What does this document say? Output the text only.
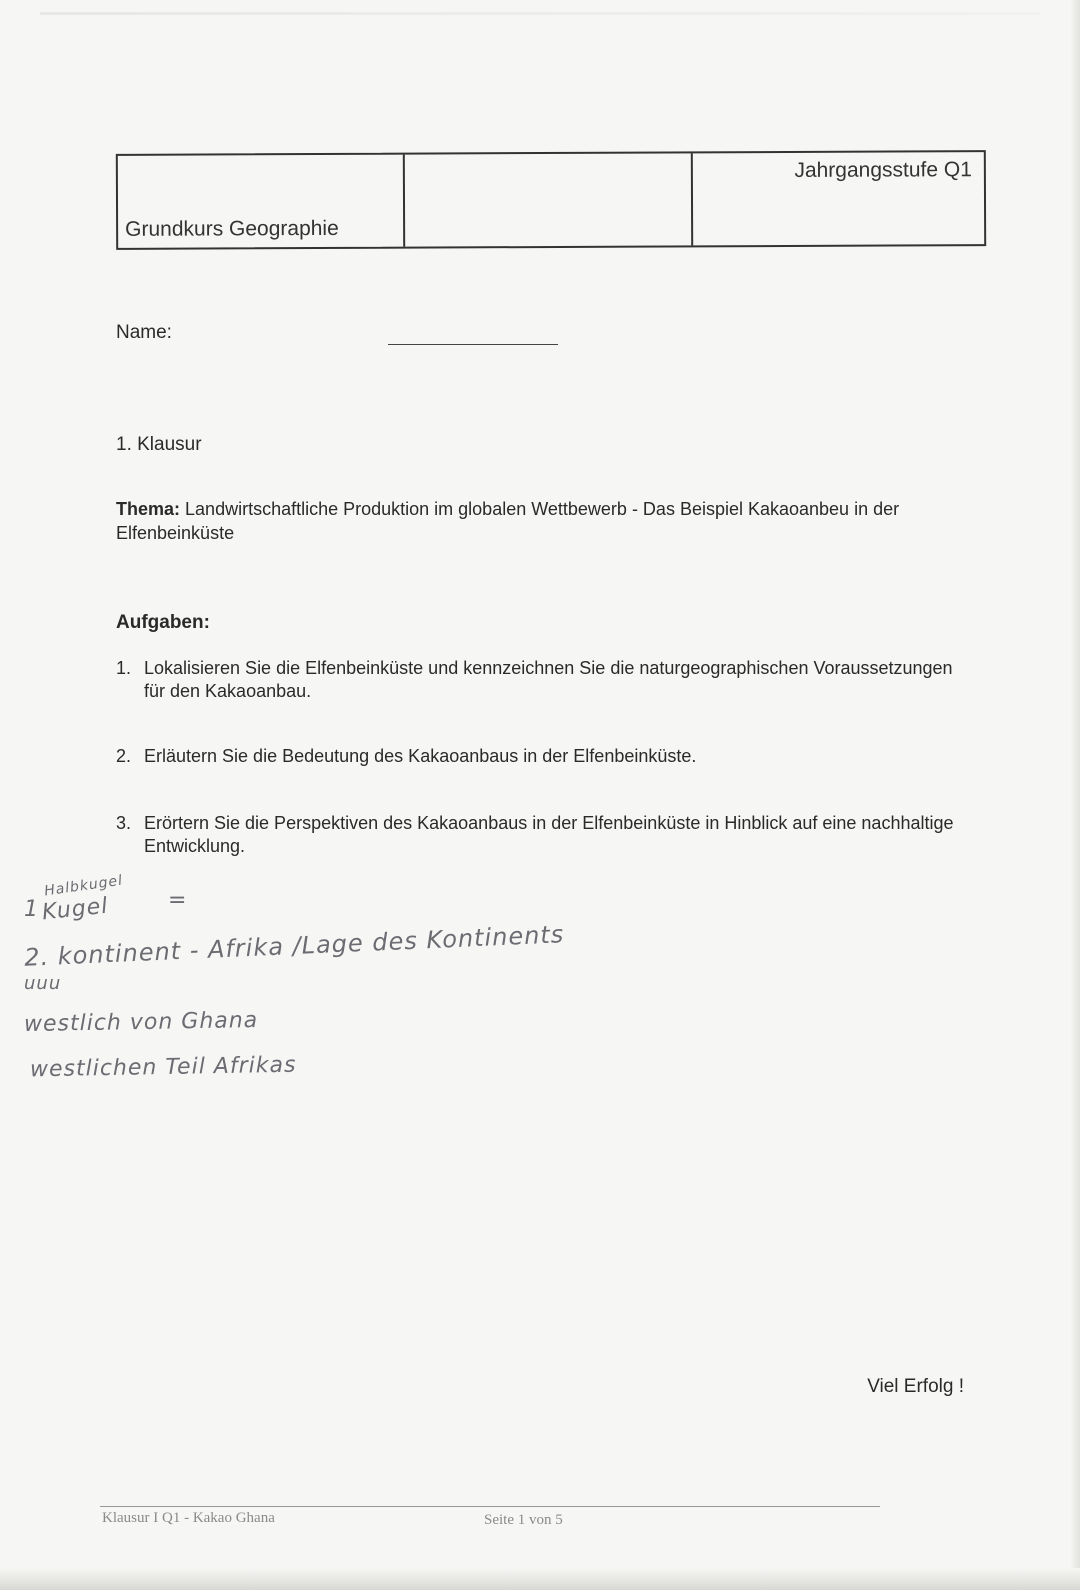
Grundkurs Geographie
Jahrgangsstufe Q1
Name:
1. Klausur
Thema: Landwirtschaftliche Produktion im globalen Wettbewerb - Das Beispiel Kakaoanbeu in der Elfenbeinküste
Aufgaben:
1. Lokalisieren Sie die Elfenbeinküste und kennzeichnen Sie die naturgeographischen Voraussetzungen für den Kakaoanbau.
2. Erläutern Sie die Bedeutung des Kakaoanbaus in der Elfenbeinküste.
3. Erörtern Sie die Perspektiven des Kakaoanbaus in der Elfenbeinküste in Hinblick auf eine nachhaltige Entwicklung.
1
Halbkugel
Kugel	=
2. kontinent - Afrika /Lage des Kontinents
uuu
westlich von Ghana
westlichen Teil Afrikas
Viel Erfolg !
Klausur I Q1 - Kakao Ghana	Seite 1 von 5
